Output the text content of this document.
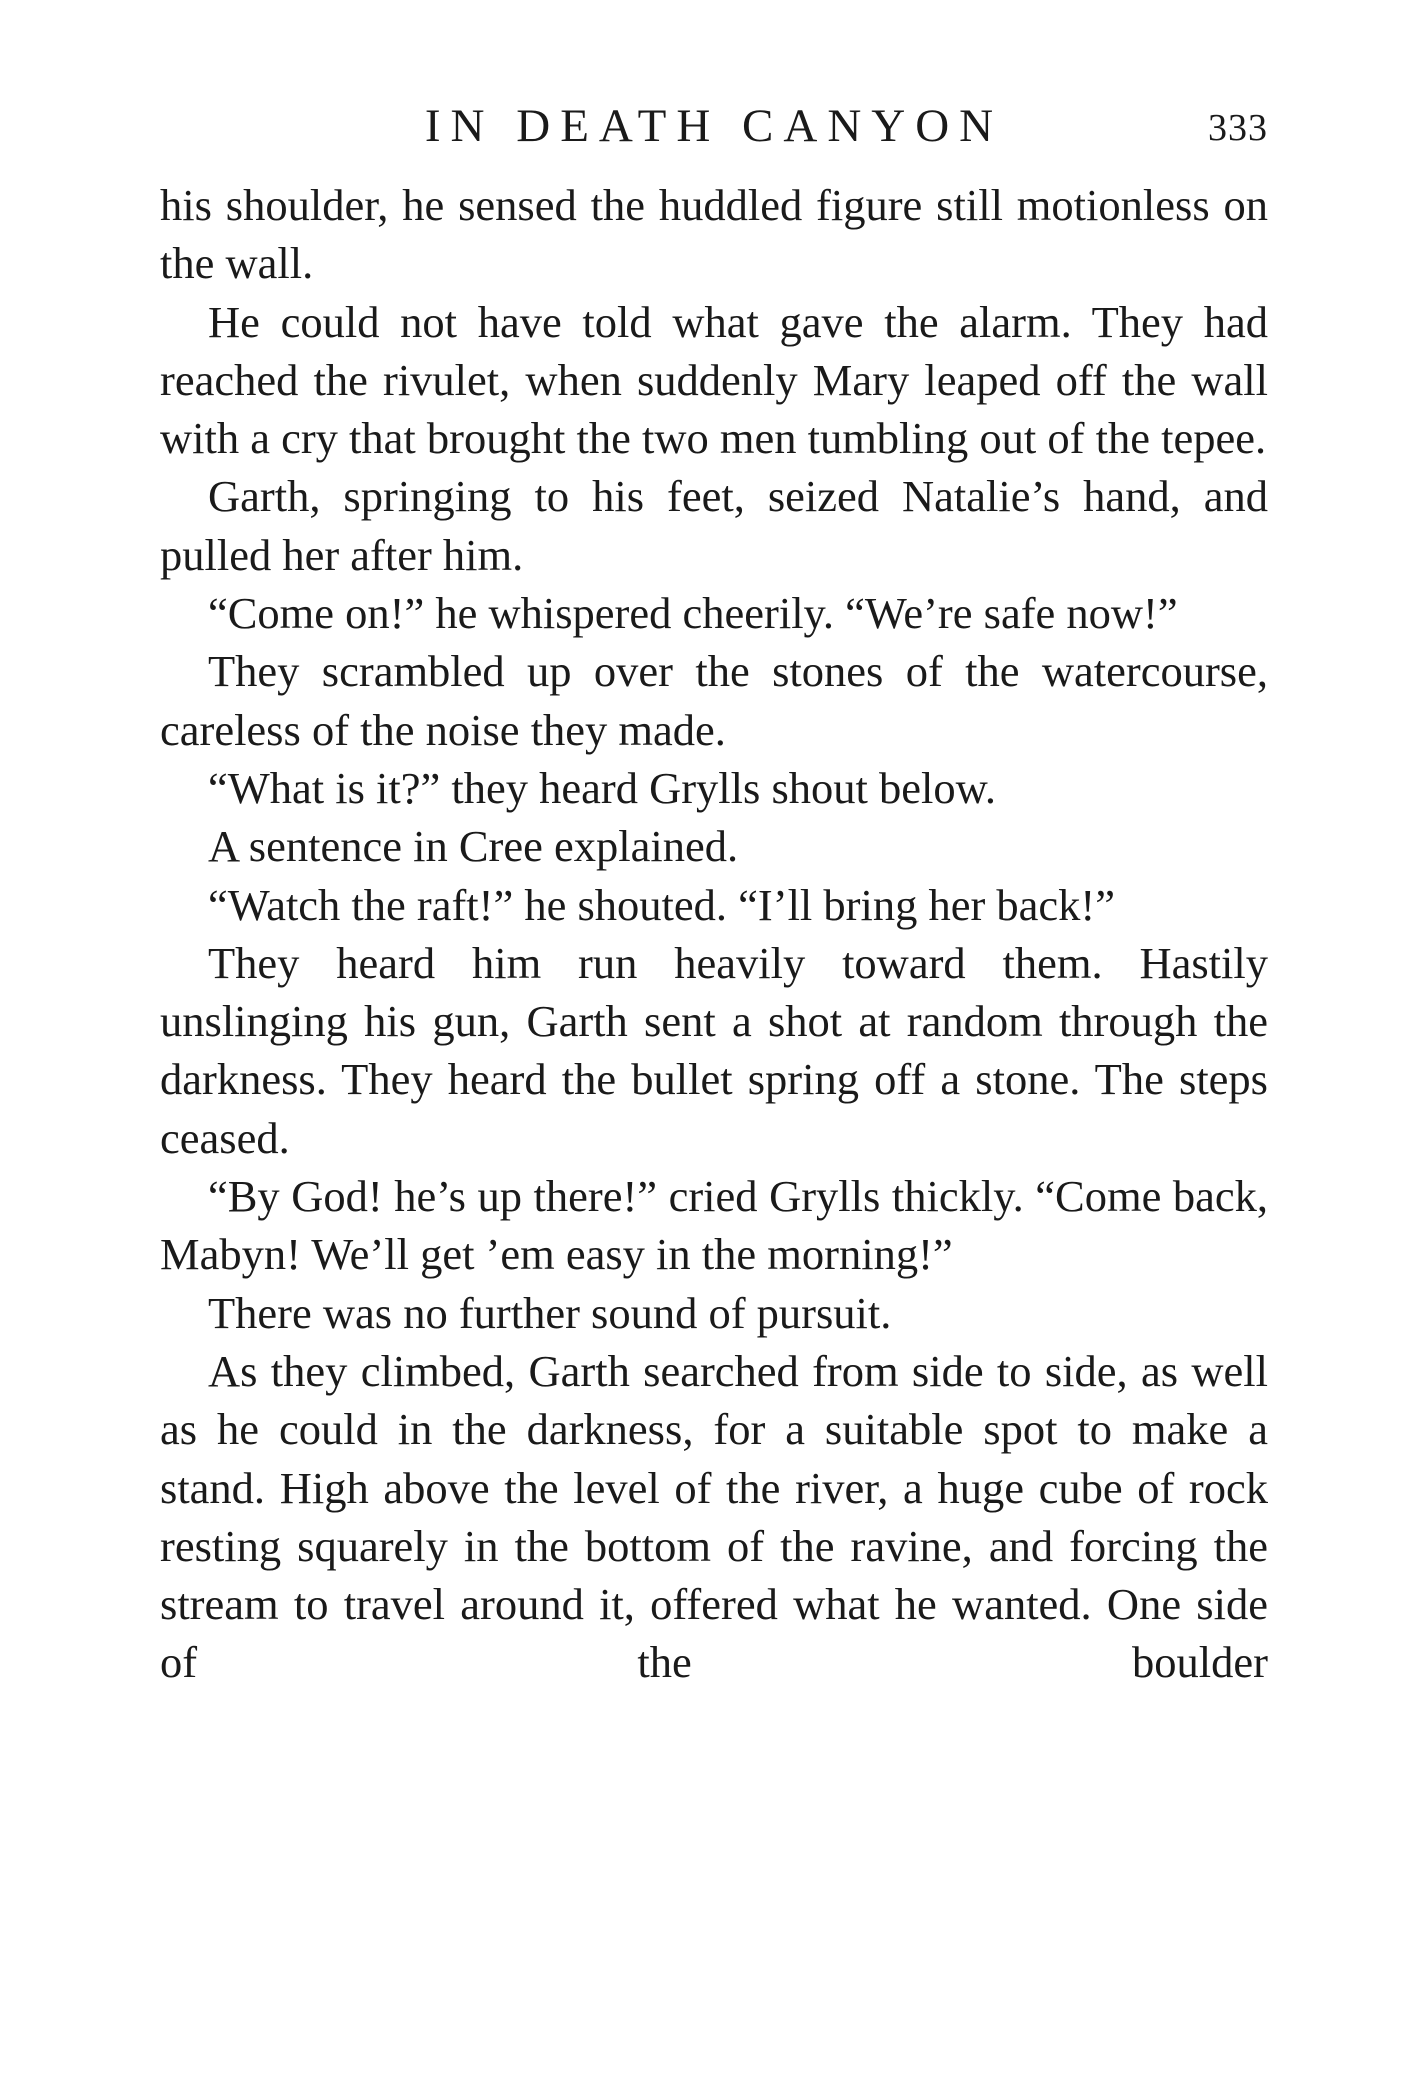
IN DEATH CANYON	333

his shoulder, he sensed the huddled figure still motionless on the wall.

He could not have told what gave the alarm. They had reached the rivulet, when suddenly Mary leaped off the wall with a cry that brought the two men tumbling out of the tepee.

Garth, springing to his feet, seized Natalie’s hand, and pulled her after him.

“Come on!” he whispered cheerily. “We’re safe now!”

They scrambled up over the stones of the watercourse, careless of the noise they made.

“What is it?” they heard Grylls shout below.

A sentence in Cree explained.

“Watch the raft!” he shouted. “I’ll bring her back!”

They heard him run heavily toward them. Hastily unslinging his gun, Garth sent a shot at random through the darkness. They heard the bullet spring off a stone. The steps ceased.

“By God! he’s up there!” cried Grylls thickly. “Come back, Mabyn! We’ll get ’em easy in the morning!”

There was no further sound of pursuit.

As they climbed, Garth searched from side to side, as well as he could in the darkness, for a suitable spot to make a stand. High above the level of the river, a huge cube of rock resting squarely in the bottom of the ravine, and forcing the stream to travel around it, offered what he wanted. One side of the boulder
